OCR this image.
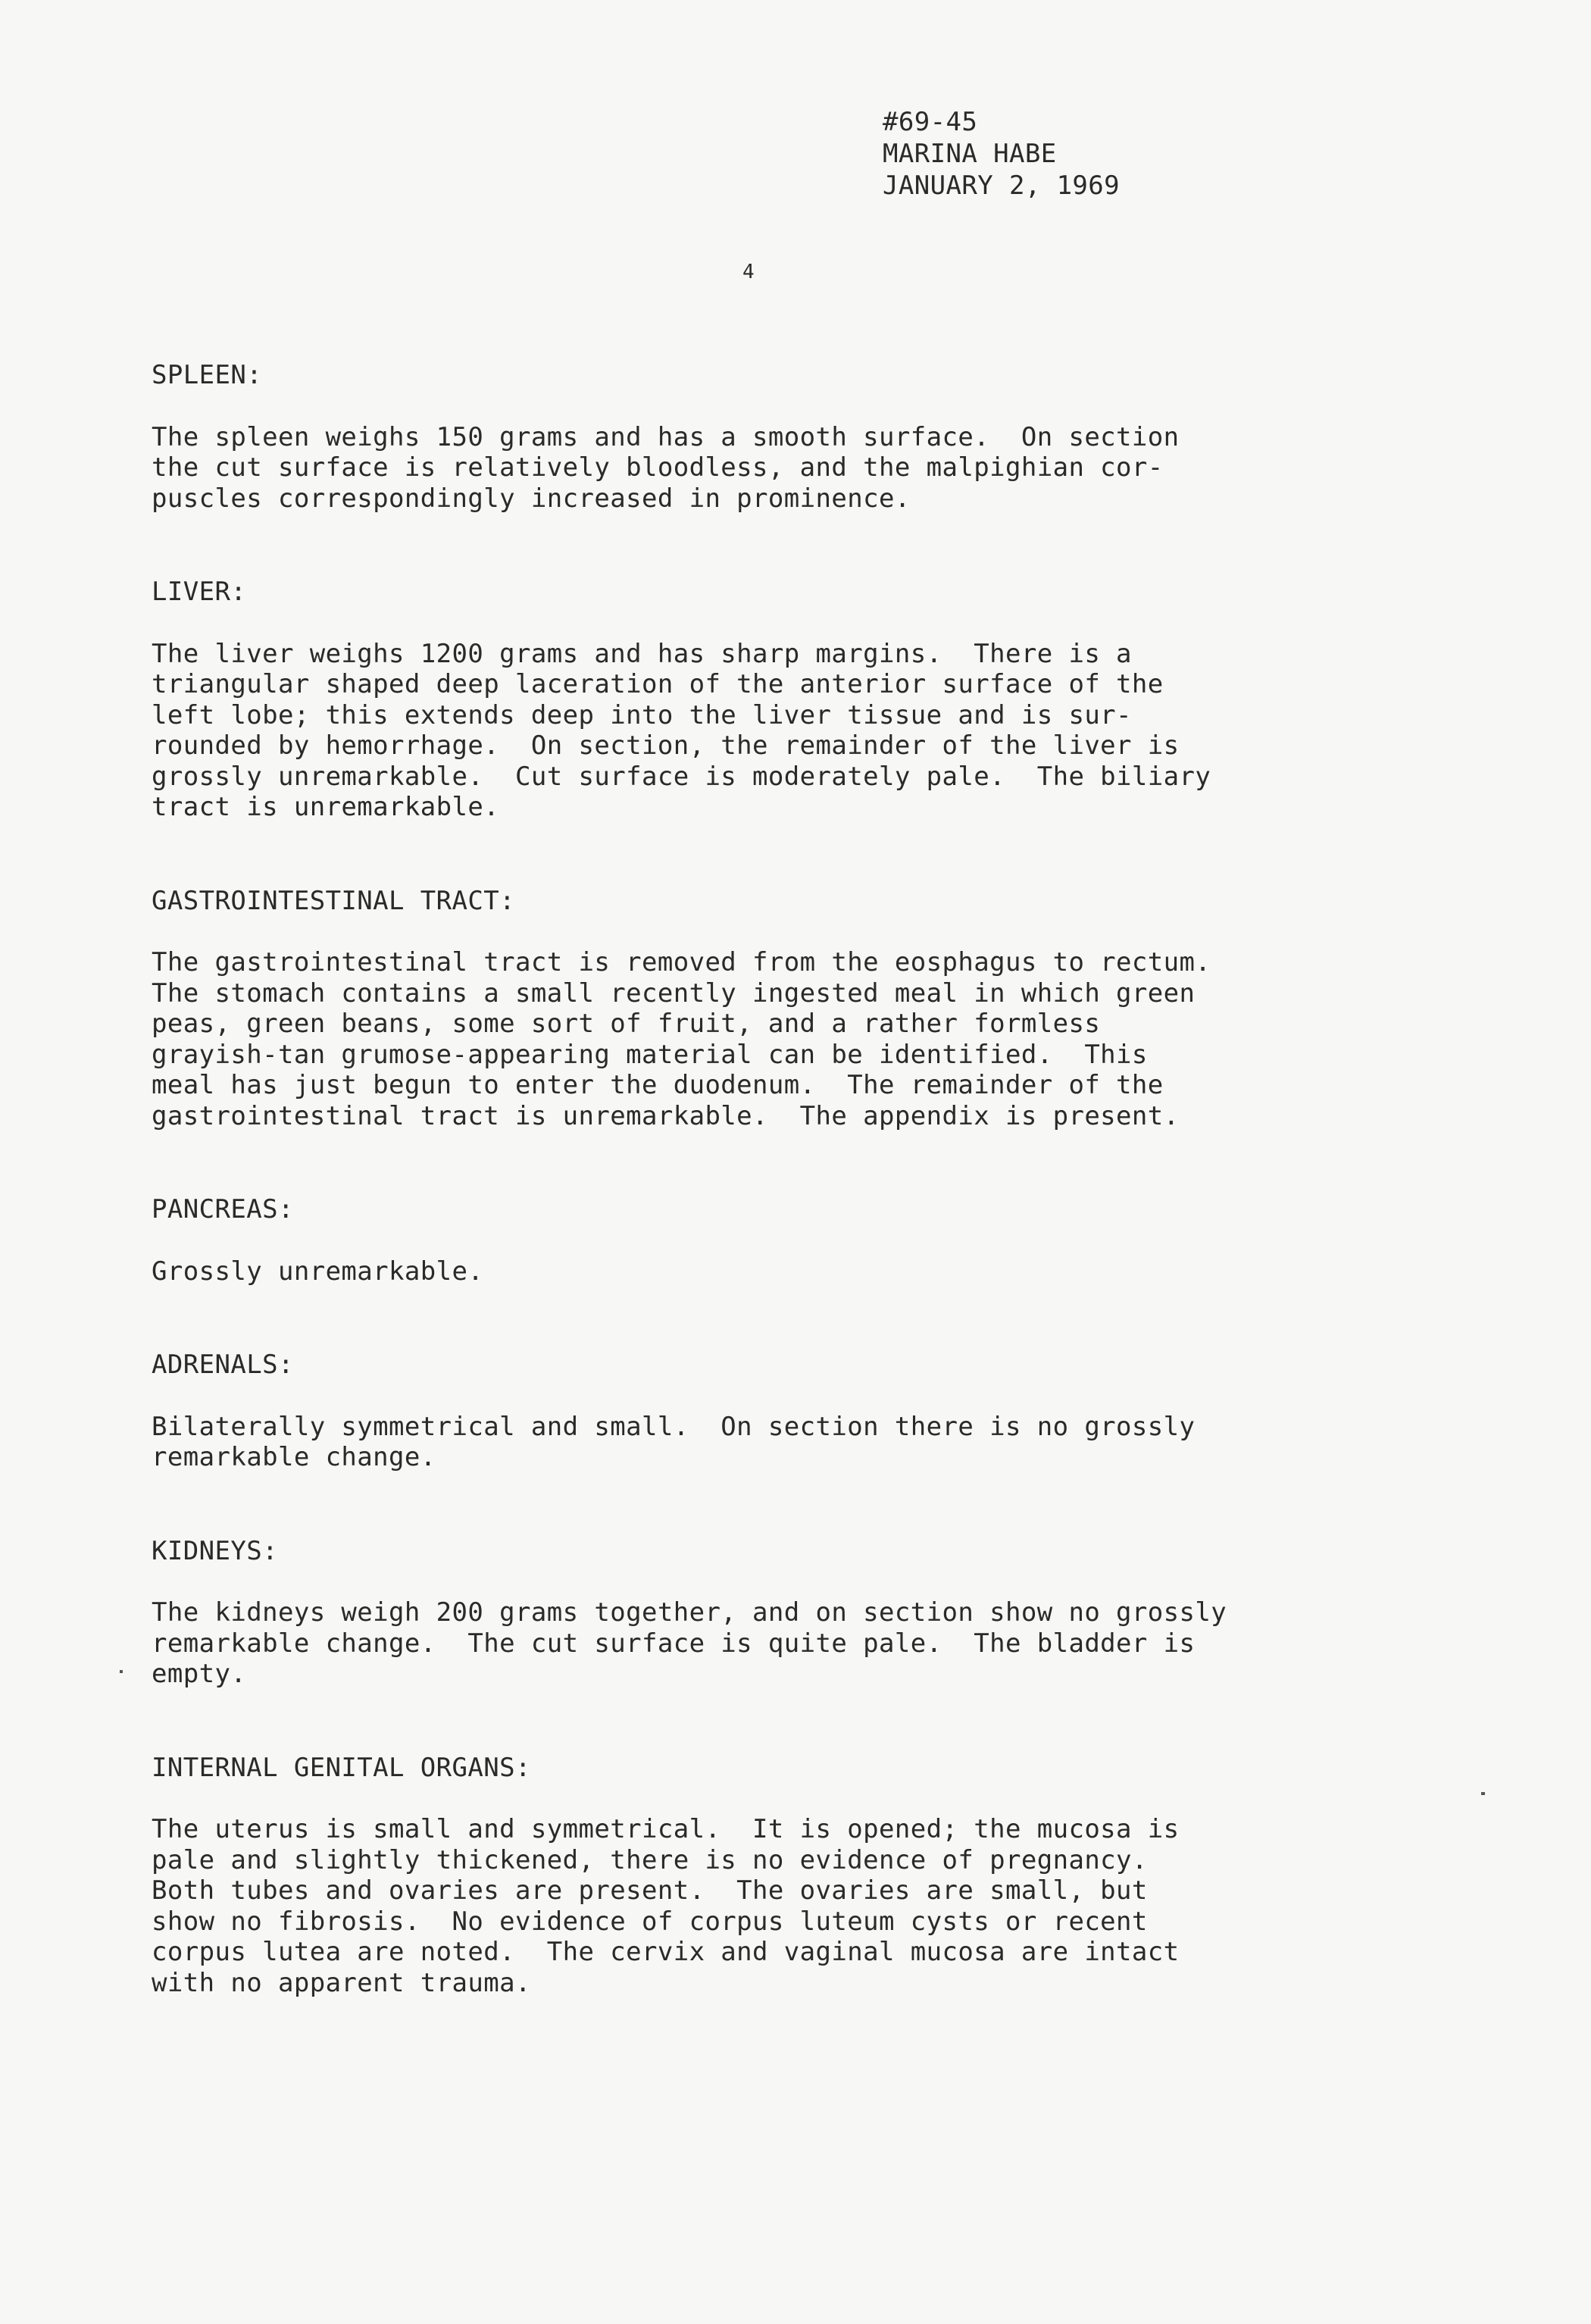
#69-45
MARINA HABE
JANUARY 2, 1969
4

SPLEEN:

The spleen weighs 150 grams and has a smooth surface.  On section
the cut surface is relatively bloodless, and the malpighian cor-
puscles correspondingly increased in prominence.

LIVER:

The liver weighs 1200 grams and has sharp margins.  There is a
triangular shaped deep laceration of the anterior surface of the
left lobe; this extends deep into the liver tissue and is sur-
rounded by hemorrhage.  On section, the remainder of the liver is
grossly unremarkable.  Cut surface is moderately pale.  The biliary
tract is unremarkable.

GASTROINTESTINAL TRACT:

The gastrointestinal tract is removed from the eosphagus to rectum.
The stomach contains a small recently ingested meal in which green
peas, green beans, some sort of fruit, and a rather formless
grayish-tan grumose-appearing material can be identified.  This
meal has just begun to enter the duodenum.  The remainder of the
gastrointestinal tract is unremarkable.  The appendix is present.

PANCREAS:

Grossly unremarkable.

ADRENALS:

Bilaterally symmetrical and small.  On section there is no grossly
remarkable change.

KIDNEYS:

The kidneys weigh 200 grams together, and on section show no grossly
remarkable change.  The cut surface is quite pale.  The bladder is
empty.

INTERNAL GENITAL ORGANS:

The uterus is small and symmetrical.  It is opened; the mucosa is
pale and slightly thickened, there is no evidence of pregnancy.
Both tubes and ovaries are present.  The ovaries are small, but
show no fibrosis.  No evidence of corpus luteum cysts or recent
corpus lutea are noted.  The cervix and vaginal mucosa are intact
with no apparent trauma.
